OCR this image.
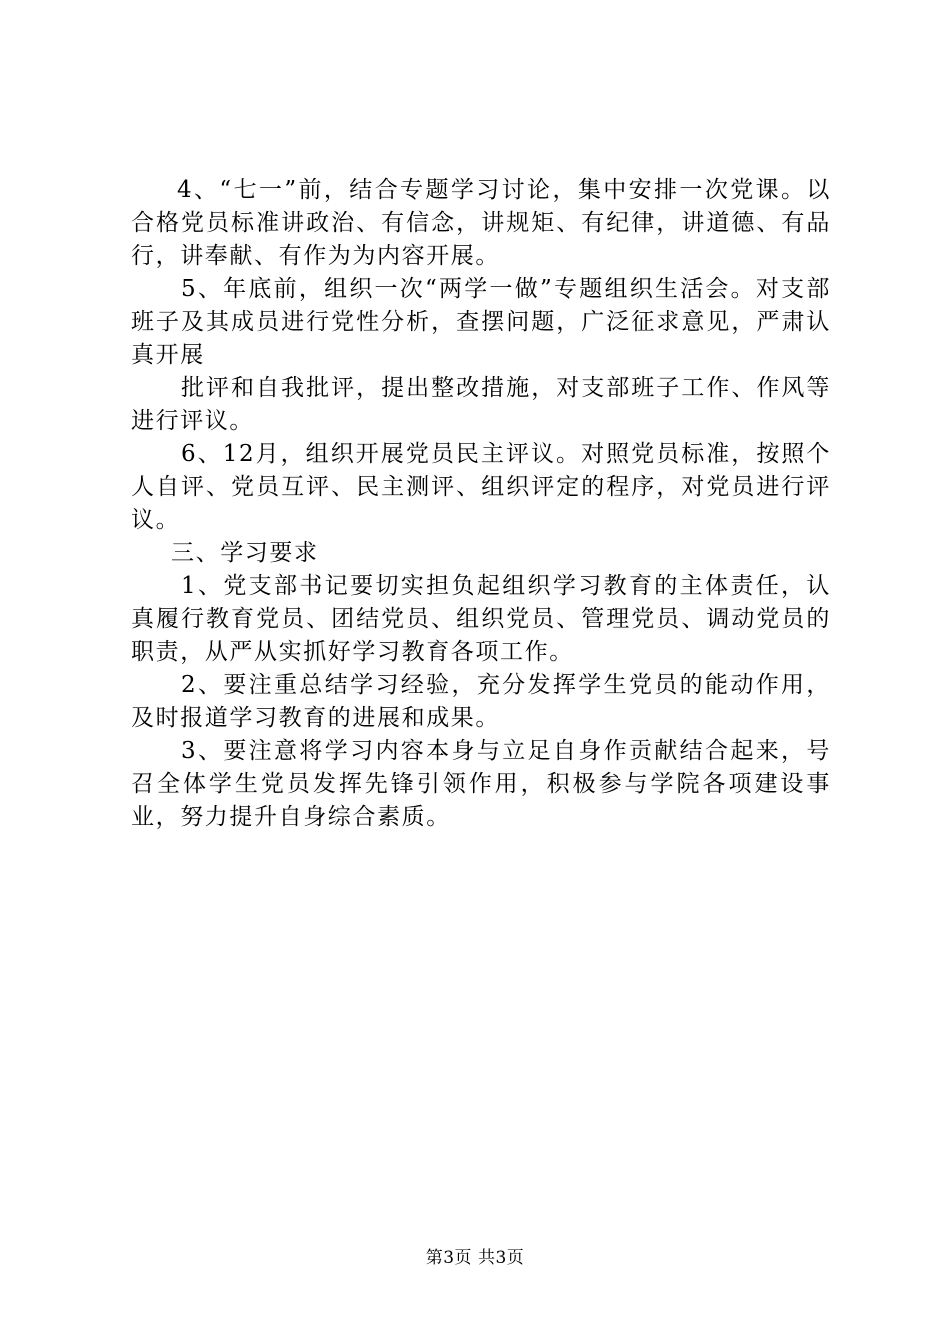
4、“七一”前，结合专题学习讨论，集中安排一次党课。以合格党员标准讲政治、有信念，讲规矩、有纪律，讲道德、有品行，讲奉献、有作为为内容开展。

5、年底前，组织一次“两学一做”专题组织生活会。对支部班子及其成员进行党性分析，查摆问题，广泛征求意见，严肃认真开展

批评和自我批评，提出整改措施，对支部班子工作、作风等进行评议。

6、12月，组织开展党员民主评议。对照党员标准，按照个人自评、党员互评、民主测评、组织评定的程序，对党员进行评议。

三、学习要求

1、党支部书记要切实担负起组织学习教育的主体责任，认真履行教育党员、团结党员、组织党员、管理党员、调动党员的职责，从严从实抓好学习教育各项工作。

2、要注重总结学习经验，充分发挥学生党员的能动作用，及时报道学习教育的进展和成果。

3、要注意将学习内容本身与立足自身作贡献结合起来，号召全体学生党员发挥先锋引领作用，积极参与学院各项建设事业，努力提升自身综合素质。

第3页 共3页
